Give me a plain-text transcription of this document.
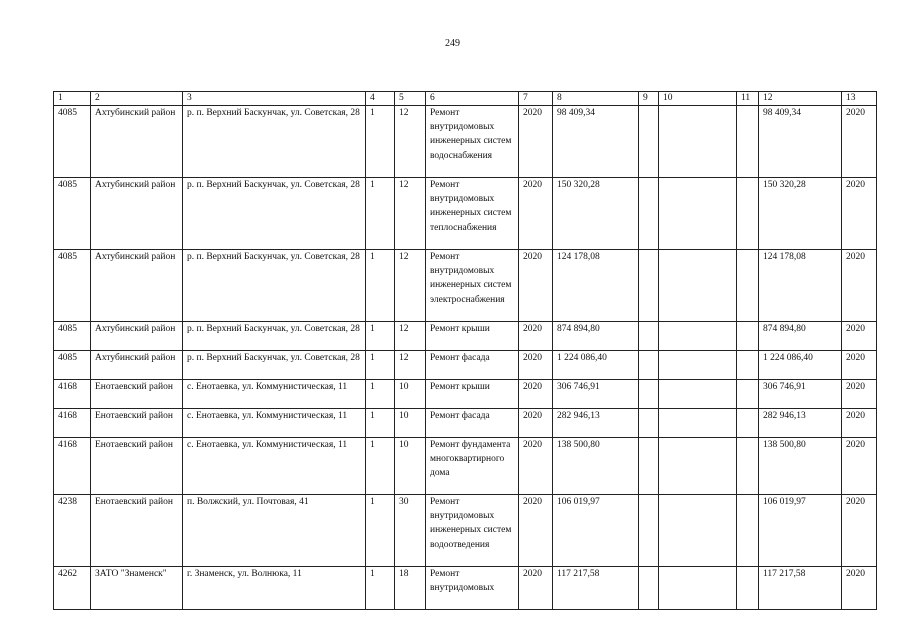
249
1	2	3	4	5	6	7	8	9	10	11	12	13
4085	Ахтубинский район	р. п. Верхний Баскунчак, ул. Советская, 28	1	12	Ремонт внутридомовых инженерных систем водоснабжения	2020	98 409,34				98 409,34	2020
4085	Ахтубинский район	р. п. Верхний Баскунчак, ул. Советская, 28	1	12	Ремонт внутридомовых инженерных систем теплоснабжения	2020	150 320,28				150 320,28	2020
4085	Ахтубинский район	р. п. Верхний Баскунчак, ул. Советская, 28	1	12	Ремонт внутридомовых инженерных систем электроснабжения	2020	124 178,08				124 178,08	2020
4085	Ахтубинский район	р. п. Верхний Баскунчак, ул. Советская, 28	1	12	Ремонт крыши	2020	874 894,80				874 894,80	2020
4085	Ахтубинский район	р. п. Верхний Баскунчак, ул. Советская, 28	1	12	Ремонт фасада	2020	1 224 086,40				1 224 086,40	2020
4168	Енотаевский район	с. Енотаевка, ул. Коммунистическая, 11	1	10	Ремонт крыши	2020	306 746,91				306 746,91	2020
4168	Енотаевский район	с. Енотаевка, ул. Коммунистическая, 11	1	10	Ремонт фасада	2020	282 946,13				282 946,13	2020
4168	Енотаевский район	с. Енотаевка, ул. Коммунистическая, 11	1	10	Ремонт фундамента многоквартирного дома	2020	138 500,80				138 500,80	2020
4238	Енотаевский район	п. Волжский, ул. Почтовая, 41	1	30	Ремонт внутридомовых инженерных систем водоотведения	2020	106 019,97				106 019,97	2020
4262	ЗАТО "Знаменск"	г. Знаменск, ул. Волнюка, 11	1	18	Ремонт внутридомовых	2020	117 217,58				117 217,58	2020
